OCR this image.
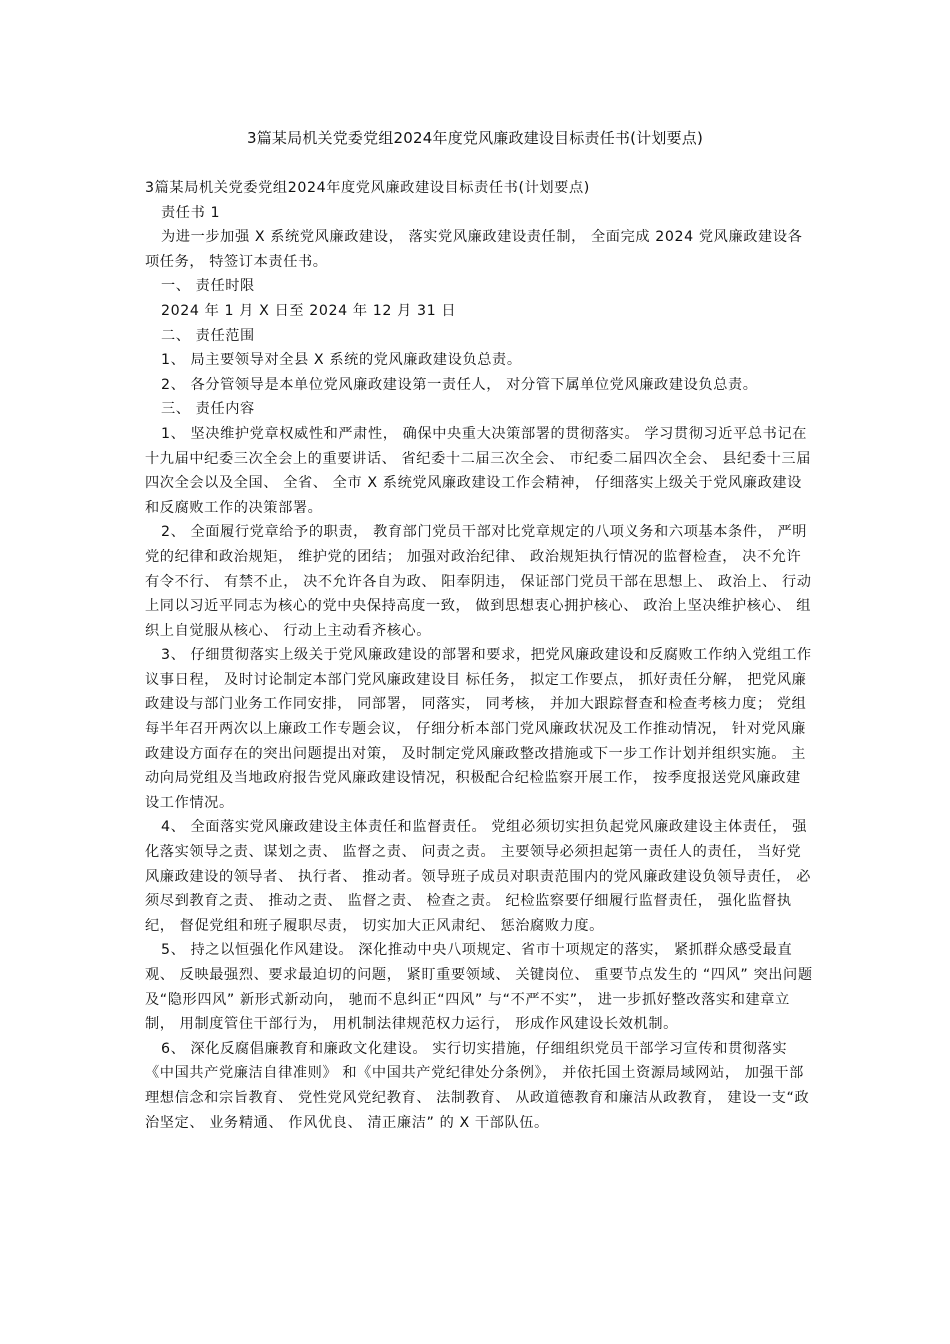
3篇某局机关党委党组2024年度党风廉政建设目标责任书(计划要点)

3篇某局机关党委党组2024年度党风廉政建设目标责任书(计划要点)

责任书 1

为进一步加强 X 系统党风廉政建设， 落实党风廉政建设责任制， 全面完成 2024 党风廉政建设各项任务， 特签订本责任书。

一、 责任时限

2024 年 1 月 X 日至 2024 年 12 月 31 日

二、 责任范围

1、 局主要领导对全县 X 系统的党风廉政建设负总责。

2、 各分管领导是本单位党风廉政建设第一责任人， 对分管下属单位党风廉政建设负总责。

三、 责任内容

1、 坚决维护党章权威性和严肃性， 确保中央重大决策部署的贯彻落实。 学习贯彻习近平总书记在十九届中纪委三次全会上的重要讲话、 省纪委十二届三次全会、 市纪委二届四次全会、 县纪委十三届四次全会以及全国、 全省、 全市 X 系统党风廉政建设工作会精神， 仔细落实上级关于党风廉政建设和反腐败工作的决策部署。

2、 全面履行党章给予的职责， 教育部门党员干部对比党章规定的八项义务和六项基本条件， 严明党的纪律和政治规矩， 维护党的团结； 加强对政治纪律、 政治规矩执行情况的监督检查， 决不允许有令不行、 有禁不止， 决不允许各自为政、 阳奉阴违， 保证部门党员干部在思想上、 政治上、 行动上同以习近平同志为核心的党中央保持高度一致， 做到思想衷心拥护核心、 政治上坚决维护核心、 组织上自觉服从核心、 行动上主动看齐核心。

3、 仔细贯彻落实上级关于党风廉政建设的部署和要求，把党风廉政建设和反腐败工作纳入党组工作议事日程， 及时讨论制定本部门党风廉政建设目 标任务， 拟定工作要点， 抓好责任分解， 把党风廉政建设与部门业务工作同安排， 同部署， 同落实， 同考核， 并加大跟踪督查和检查考核力度； 党组每半年召开两次以上廉政工作专题会议， 仔细分析本部门党风廉政状况及工作推动情况， 针对党风廉政建设方面存在的突出问题提出对策， 及时制定党风廉政整改措施或下一步工作计划并组织实施。 主动向局党组及当地政府报告党风廉政建设情况，积极配合纪检监察开展工作， 按季度报送党风廉政建设工作情况。

4、 全面落实党风廉政建设主体责任和监督责任。 党组必须切实担负起党风廉政建设主体责任， 强化落实领导之责、谋划之责、 监督之责、 问责之责。 主要领导必须担起第一责任人的责任， 当好党风廉政建设的领导者、 执行者、 推动者。领导班子成员对职责范围内的党风廉政建设负领导责任， 必须尽到教育之责、 推动之责、 监督之责、 检查之责。 纪检监察要仔细履行监督责任， 强化监督执纪， 督促党组和班子履职尽责， 切实加大正风肃纪、 惩治腐败力度。

5、 持之以恒强化作风建设。 深化推动中央八项规定、省市十项规定的落实， 紧抓群众感受最直观、 反映最强烈、要求最迫切的问题， 紧盯重要领域、 关键岗位、 重要节点发生的 “四风” 突出问题及“隐形四风” 新形式新动向， 驰而不息纠正“四风” 与“不严不实”， 进一步抓好整改落实和建章立制， 用制度管住干部行为， 用机制法律规范权力运行， 形成作风建设长效机制。

6、 深化反腐倡廉教育和廉政文化建设。 实行切实措施，仔细组织党员干部学习宣传和贯彻落实《中国共产党廉洁自律准则》 和《中国共产党纪律处分条例》， 并依托国土资源局域网站， 加强干部理想信念和宗旨教育、 党性党风党纪教育、 法制教育、 从政道德教育和廉洁从政教育， 建设一支“政治坚定、 业务精通、 作风优良、 清正廉洁” 的 X 干部队伍。
